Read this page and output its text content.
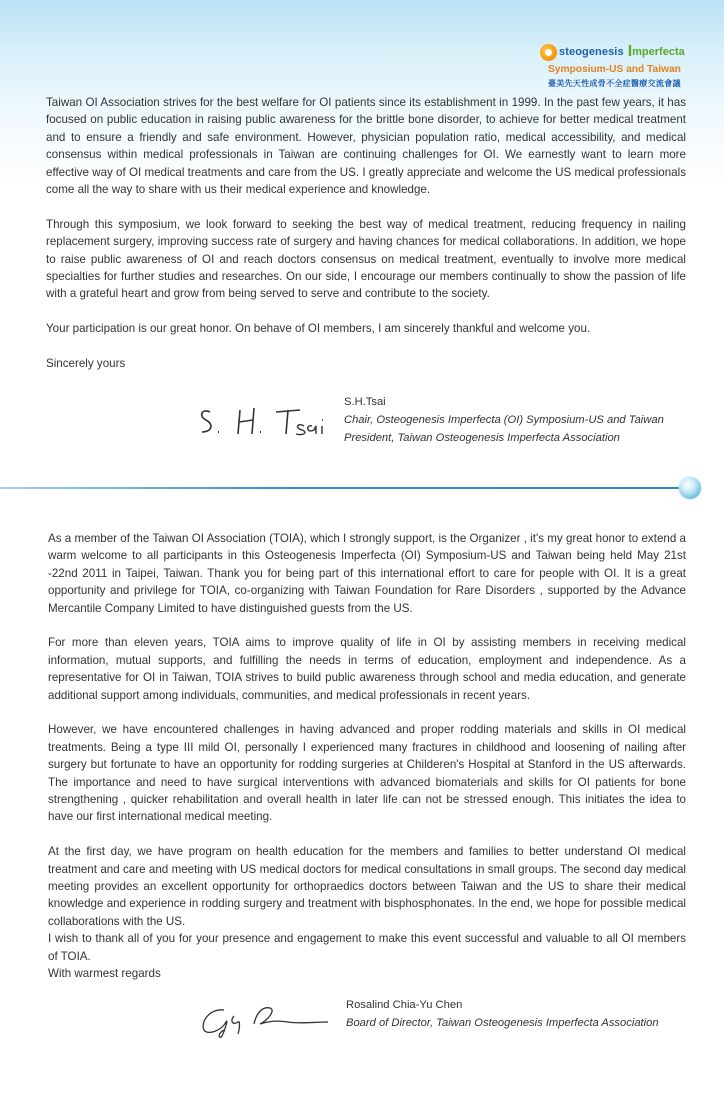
steogenesis I mperfecta
Symposium-US and Taiwan
臺美先天性成骨不全症醫療交流會議

Taiwan OI Association strives for the best welfare for OI patients since its establishment in 1999. In the past few years, it has focused on public education in raising public awareness for the brittle bone disorder, to achieve for better medical treatment and to ensure a friendly and safe environment. However, physician population ratio, medical accessibility, and medical consensus within medical professionals in Taiwan are continuing challenges for OI. We earnestly want to learn more effective way of OI medical treatments and care from the US. I greatly appreciate and welcome the US medical professionals come all the way to share with us their medical experience and knowledge.

Through this symposium, we look forward to seeking the best way of medical treatment, reducing frequency in nailing replacement surgery, improving success rate of surgery and having chances for medical collaborations. In addition, we hope to raise public awareness of OI and reach doctors consensus on medical treatment, eventually to involve more medical specialties for further studies and researches. On our side, I encourage our members continually to show the passion of life with a grateful heart and grow from being served to serve and contribute to the society.

Your participation is our great honor. On behave of OI members, I am sincerely thankful and welcome you.

Sincerely yours

S.H.Tsai
Chair, Osteogenesis Imperfecta (OI) Symposium-US and Taiwan
President, Taiwan Osteogenesis Imperfecta Association

As a member of the Taiwan OI Association (TOIA), which I strongly support, is the Organizer , it's my great honor to extend a warm welcome to all participants in this Osteogenesis Imperfecta (OI) Symposium-US and Taiwan being held May 21st -22nd 2011 in Taipei, Taiwan. Thank you for being part of this international effort to care for people with OI. It is a great opportunity and privilege for TOIA, co-organizing with Taiwan Foundation for Rare Disorders , supported by the Advance Mercantile Company Limited to have distinguished guests from the US.

For more than eleven years, TOIA aims to improve quality of life in OI by assisting members in receiving medical information, mutual supports, and fulfilling the needs in terms of education, employment and independence. As a representative for OI in Taiwan, TOIA strives to build public awareness through school and media education, and generate additional support among individuals, communities, and medical professionals in recent years.

However, we have encountered challenges in having advanced and proper rodding materials and skills in OI medical treatments. Being a type III mild OI, personally I experienced many fractures in childhood and loosening of nailing after surgery but fortunate to have an opportunity for rodding surgeries at Childeren's Hospital at Stanford in the US afterwards. The importance and need to have surgical interventions with advanced biomaterials and skills for OI patients for bone strengthening , quicker rehabilitation and overall health in later life can not be stressed enough. This initiates the idea to have our first international medical meeting.

At the first day, we have program on health education for the members and families to better understand OI medical treatment and care and meeting with US medical doctors for medical consultations in small groups. The second day medical meeting provides an excellent opportunity for orthopraedics doctors between Taiwan and the US to share their medical knowledge and experience in rodding surgery and treatment with bisphosphonates. In the end, we hope for possible medical collaborations with the US.

I wish to thank all of you for your presence and engagement to make this event successful and valuable to all OI members of TOIA.

With warmest regards

Rosalind Chia-Yu Chen
Board of Director, Taiwan Osteogenesis Imperfecta Association
